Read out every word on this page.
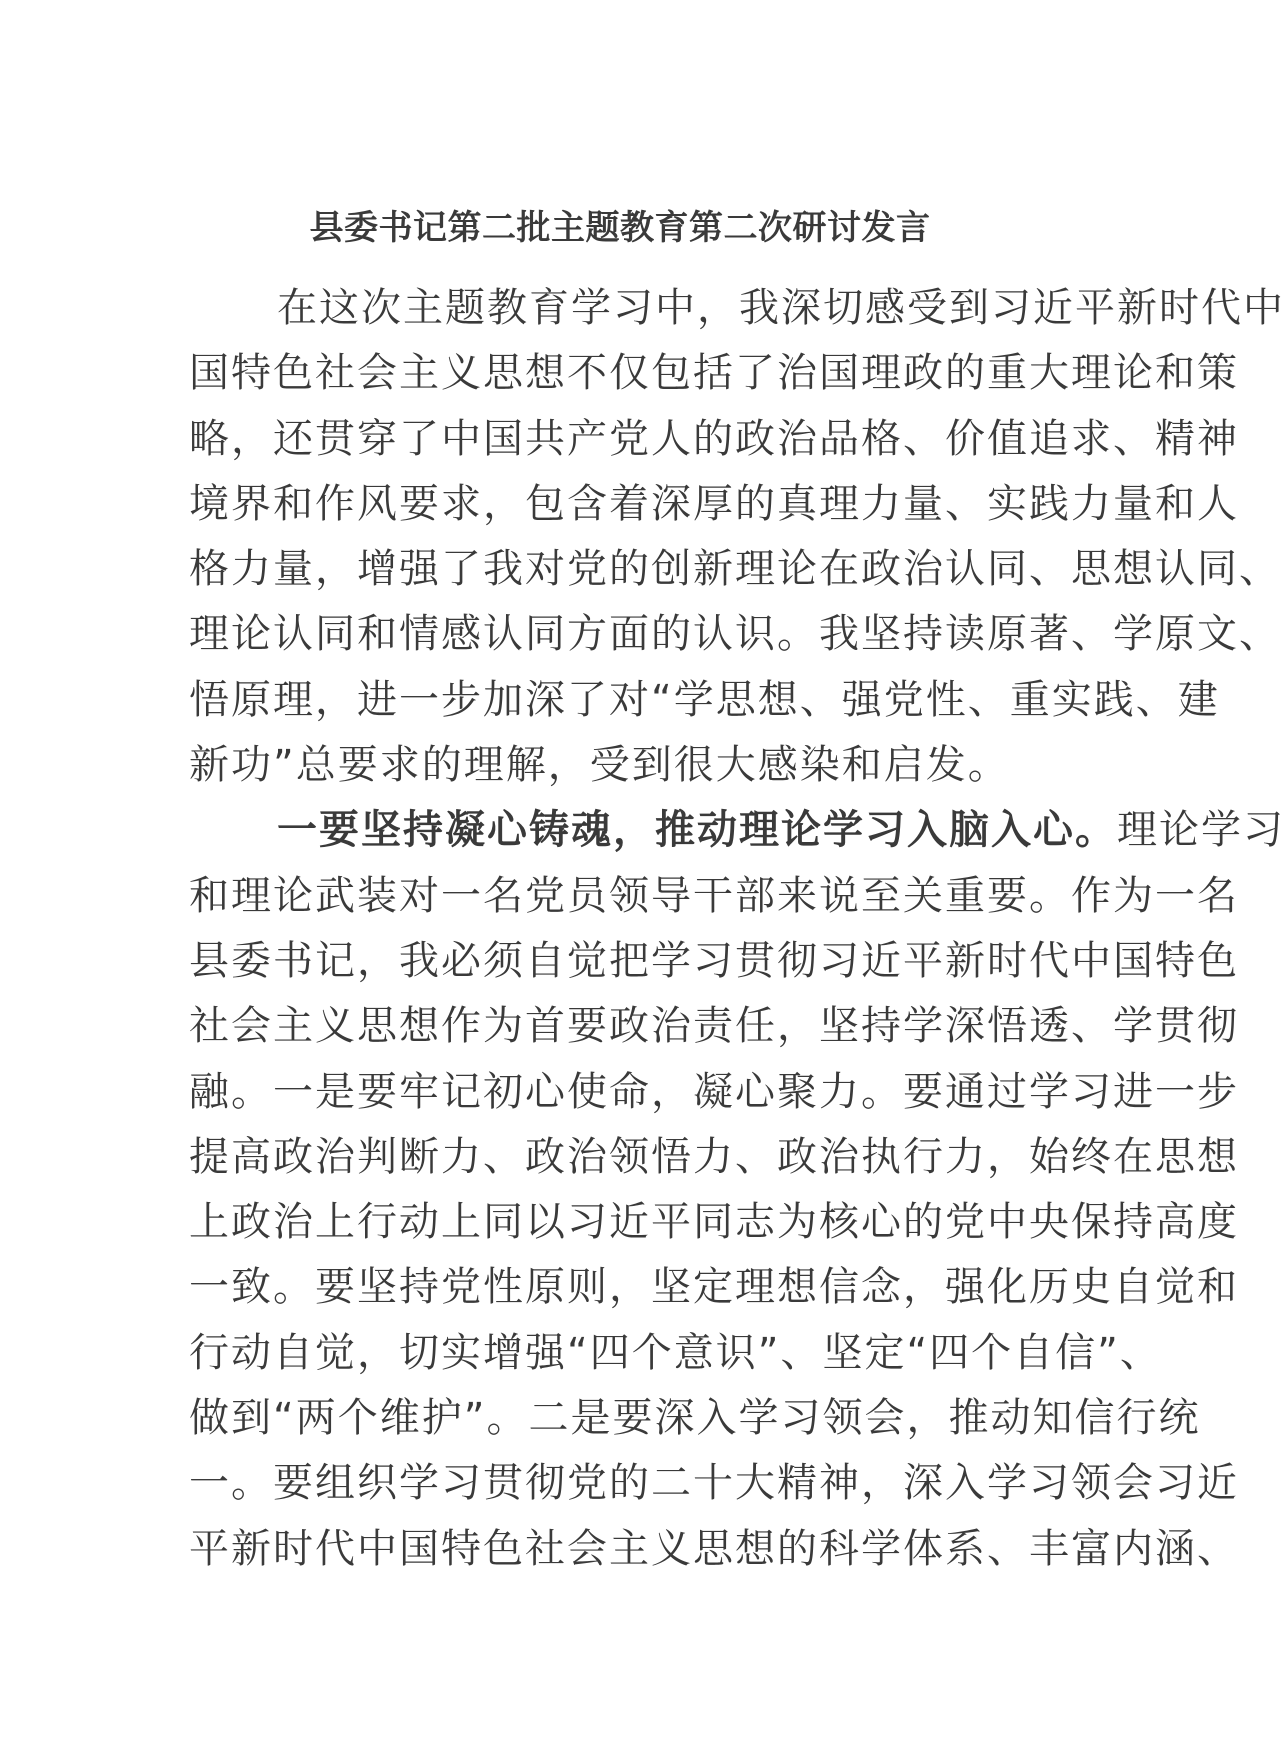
县委书记第二批主题教育第二次研讨发言
在这次主题教育学习中，我深切感受到习近平新时代中
国特色社会主义思想不仅包括了治国理政的重大理论和策
略，还贯穿了中国共产党人的政治品格、价值追求、精神
境界和作风要求，包含着深厚的真理力量、实践力量和人
格力量，增强了我对党的创新理论在政治认同、思想认同、
理论认同和情感认同方面的认识。我坚持读原著、学原文、
悟原理，进一步加深了对“学思想、强党性、重实践、建
新功”总要求的理解，受到很大感染和启发。
一要坚持凝心铸魂，推动理论学习入脑入心。理论学习
和理论武装对一名党员领导干部来说至关重要。作为一名
县委书记，我必须自觉把学习贯彻习近平新时代中国特色
社会主义思想作为首要政治责任，坚持学深悟透、学贯彻
融。一是要牢记初心使命，凝心聚力。要通过学习进一步
提高政治判断力、政治领悟力、政治执行力，始终在思想
上政治上行动上同以习近平同志为核心的党中央保持高度
一致。要坚持党性原则，坚定理想信念，强化历史自觉和
行动自觉，切实增强“四个意识”、坚定“四个自信”、
做到“两个维护”。二是要深入学习领会，推动知信行统
一。要组织学习贯彻党的二十大精神，深入学习领会习近
平新时代中国特色社会主义思想的科学体系、丰富内涵、
